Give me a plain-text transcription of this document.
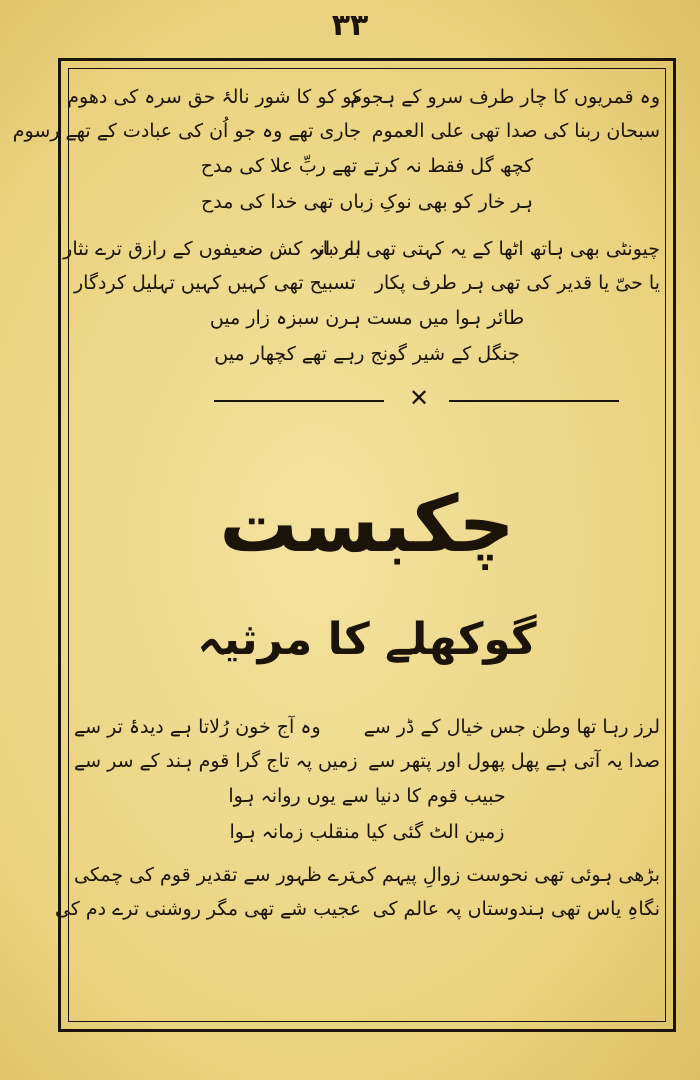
۳۳
وہ قمریوں کا چار طرف سرو کے ہجوم
کو کو کا شور نالۂ حق سرہ کی دھوم
سبحان ربنا کی صدا تھی علی العموم
جاری تھے وہ جو اُن کی عبادت کے تھے رسوم
کچھ گل فقط نہ کرتے تھے ربِّ علا کی مدح
ہر خار کو بھی نوکِ زباں تھی خدا کی مدح
چیونٹی بھی ہاتھ اٹھا کے یہ کہتی تھی بار بار
اے دانہ کش ضعیفوں کے رازق ترے نثار
یا حیّ یا قدیر کی تھی ہر طرف پکار
تسبیح تھی کہیں کہیں تہلیل کردگار
طائر ہوا میں مست ہرن سبزہ زار میں
جنگل کے شیر گونج رہے تھے کچھار میں
✕
چکبست
گوکھلے کا مرثیہ
لرز رہا تھا وطن جس خیال کے ڈر سے
وہ آج خون رُلاتا ہے دیدۂ تر سے
صدا یہ آتی ہے پھل پھول اور پتھر سے
زمیں پہ تاج گرا قوم ہند کے سر سے
حبیب قوم کا دنیا سے یوں روانہ ہوا
زمین الٹ گئی کیا منقلب زمانہ ہوا
بڑھی ہوئی تھی نحوست زوالِ پیہم کی
ترے ظہور سے تقدیر قوم کی چمکی
نگاہِ یاس تھی ہندوستاں پہ عالم کی
عجیب شے تھی مگر روشنی ترے دم کی
